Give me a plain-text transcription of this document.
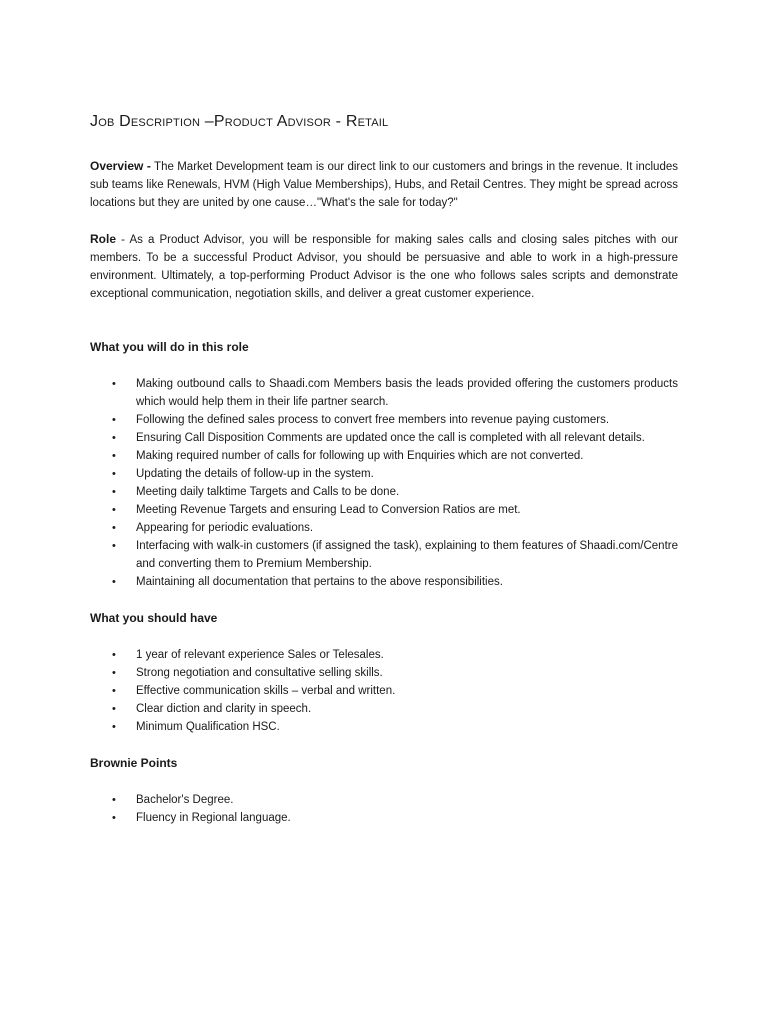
Job Description –Product Advisor - Retail
Overview - The Market Development team is our direct link to our customers and brings in the revenue. It includes sub teams like Renewals, HVM (High Value Memberships), Hubs, and Retail Centres. They might be spread across locations but they are united by one cause…"What's the sale for today?"
Role - As a Product Advisor, you will be responsible for making sales calls and closing sales pitches with our members. To be a successful Product Advisor, you should be persuasive and able to work in a high-pressure environment. Ultimately, a top-performing Product Advisor is the one who follows sales scripts and demonstrate exceptional communication, negotiation skills, and deliver a great customer experience.
What you will do in this role
• Making outbound calls to Shaadi.com Members basis the leads provided offering the customers products which would help them in their life partner search.
• Following the defined sales process to convert free members into revenue paying customers.
• Ensuring Call Disposition Comments are updated once the call is completed with all relevant details.
• Making required number of calls for following up with Enquiries which are not converted.
• Updating the details of follow-up in the system.
• Meeting daily talktime Targets and Calls to be done.
• Meeting Revenue Targets and ensuring Lead to Conversion Ratios are met.
• Appearing for periodic evaluations.
• Interfacing with walk-in customers (if assigned the task), explaining to them features of Shaadi.com/Centre and converting them to Premium Membership.
• Maintaining all documentation that pertains to the above responsibilities.
What you should have
• 1 year of relevant experience Sales or Telesales.
• Strong negotiation and consultative selling skills.
• Effective communication skills – verbal and written.
• Clear diction and clarity in speech.
• Minimum Qualification HSC.
Brownie Points
• Bachelor's Degree.
• Fluency in Regional language.
